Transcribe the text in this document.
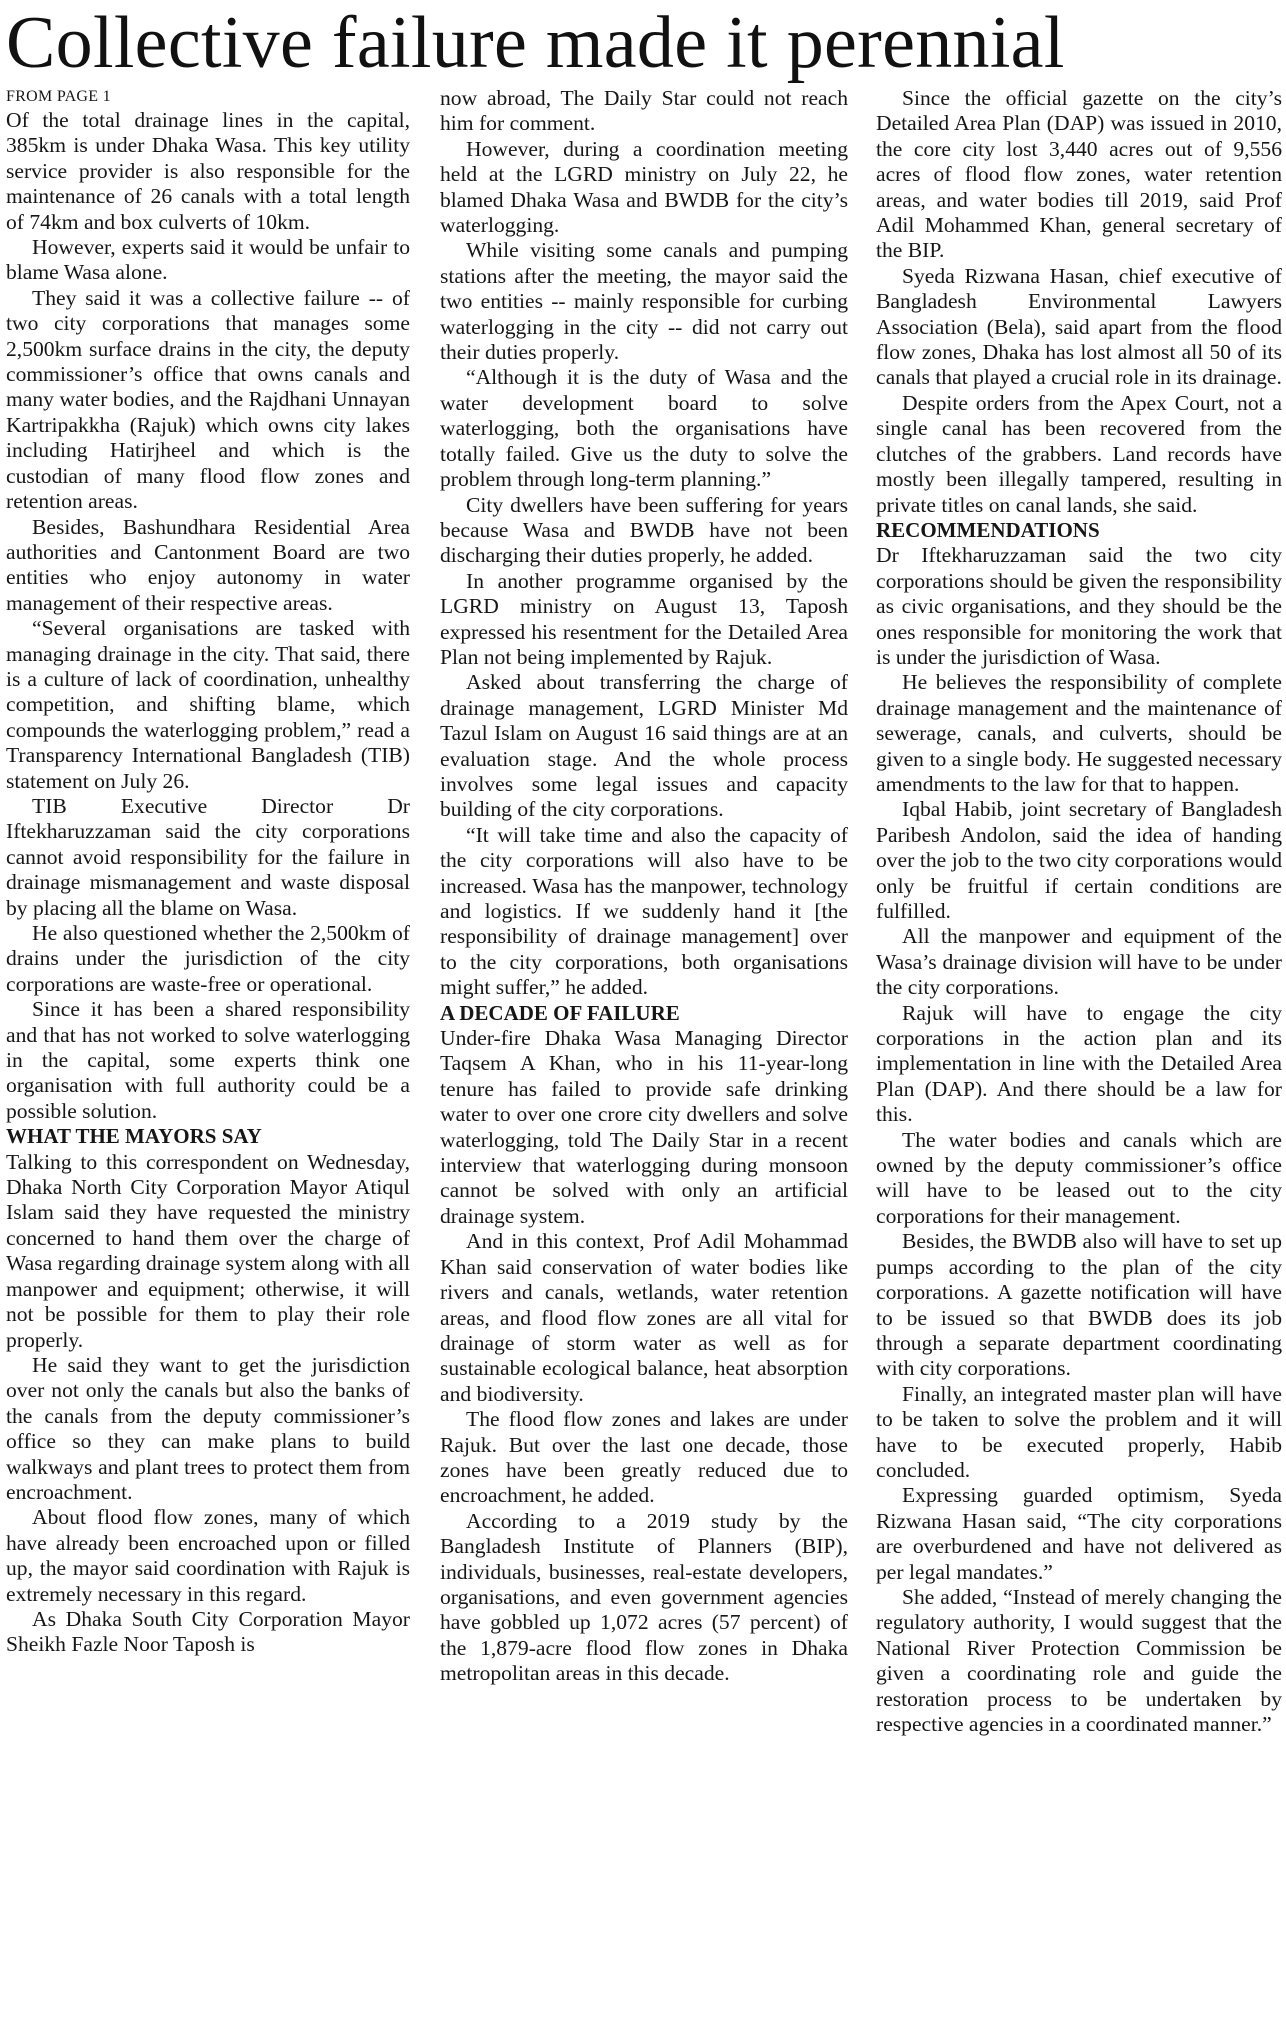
Collective failure made it perennial
FROM PAGE 1

Of the total drainage lines in the capital, 385km is under Dhaka Wasa. This key utility service provider is also responsible for the maintenance of 26 canals with a total length of 74km and box culverts of 10km.

However, experts said it would be unfair to blame Wasa alone.

They said it was a collective failure -- of two city corporations that manages some 2,500km surface drains in the city, the deputy commissioner’s office that owns canals and many water bodies, and the Rajdhani Unnayan Kartripakkha (Rajuk) which owns city lakes including Hatirjheel and which is the custodian of many flood flow zones and retention areas.

Besides, Bashundhara Residential Area authorities and Cantonment Board are two entities who enjoy autonomy in water management of their respective areas.

“Several organisations are tasked with managing drainage in the city. That said, there is a culture of lack of coordination, unhealthy competition, and shifting blame, which compounds the waterlogging problem,” read a Transparency International Bangladesh (TIB) statement on July 26.

TIB Executive Director Dr Iftekharuzzaman said the city corporations cannot avoid responsibility for the failure in drainage mismanagement and waste disposal by placing all the blame on Wasa.

He also questioned whether the 2,500km of drains under the jurisdiction of the city corporations are waste-free or operational.

Since it has been a shared responsibility and that has not worked to solve waterlogging in the capital, some experts think one organisation with full authority could be a possible solution.

WHAT THE MAYORS SAY

Talking to this correspondent on Wednesday, Dhaka North City Corporation Mayor Atiqul Islam said they have requested the ministry concerned to hand them over the charge of Wasa regarding drainage system along with all manpower and equipment; otherwise, it will not be possible for them to play their role properly.

He said they want to get the jurisdiction over not only the canals but also the banks of the canals from the deputy commissioner’s office so they can make plans to build walkways and plant trees to protect them from encroachment.

About flood flow zones, many of which have already been encroached upon or filled up, the mayor said coordination with Rajuk is extremely necessary in this regard.

As Dhaka South City Corporation Mayor Sheikh Fazle Noor Taposh is

now abroad, The Daily Star could not reach him for comment.

However, during a coordination meeting held at the LGRD ministry on July 22, he blamed Dhaka Wasa and BWDB for the city’s waterlogging.

While visiting some canals and pumping stations after the meeting, the mayor said the two entities -- mainly responsible for curbing waterlogging in the city -- did not carry out their duties properly.

“Although it is the duty of Wasa and the water development board to solve waterlogging, both the organisations have totally failed. Give us the duty to solve the problem through long-term planning.”

City dwellers have been suffering for years because Wasa and BWDB have not been discharging their duties properly, he added.

In another programme organised by the LGRD ministry on August 13, Taposh expressed his resentment for the Detailed Area Plan not being implemented by Rajuk.

Asked about transferring the charge of drainage management, LGRD Minister Md Tazul Islam on August 16 said things are at an evaluation stage. And the whole process involves some legal issues and capacity building of the city corporations.

“It will take time and also the capacity of the city corporations will also have to be increased. Wasa has the manpower, technology and logistics. If we suddenly hand it [the responsibility of drainage management] over to the city corporations, both organisations might suffer,” he added.

A DECADE OF FAILURE

Under-fire Dhaka Wasa Managing Director Taqsem A Khan, who in his 11-year-long tenure has failed to provide safe drinking water to over one crore city dwellers and solve waterlogging, told The Daily Star in a recent interview that waterlogging during monsoon cannot be solved with only an artificial drainage system.

And in this context, Prof Adil Mohammad Khan said conservation of water bodies like rivers and canals, wetlands, water retention areas, and flood flow zones are all vital for drainage of storm water as well as for sustainable ecological balance, heat absorption and biodiversity.

The flood flow zones and lakes are under Rajuk. But over the last one decade, those zones have been greatly reduced due to encroachment, he added.

According to a 2019 study by the Bangladesh Institute of Planners (BIP), individuals, businesses, real-estate developers, organisations, and even government agencies have gobbled up 1,072 acres (57 percent) of the 1,879-acre flood flow zones in Dhaka metropolitan areas in this decade.

Since the official gazette on the city’s Detailed Area Plan (DAP) was issued in 2010, the core city lost 3,440 acres out of 9,556 acres of flood flow zones, water retention areas, and water bodies till 2019, said Prof Adil Mohammed Khan, general secretary of the BIP.

Syeda Rizwana Hasan, chief executive of Bangladesh Environmental Lawyers Association (Bela), said apart from the flood flow zones, Dhaka has lost almost all 50 of its canals that played a crucial role in its drainage.

Despite orders from the Apex Court, not a single canal has been recovered from the clutches of the grabbers. Land records have mostly been illegally tampered, resulting in private titles on canal lands, she said.

RECOMMENDATIONS

Dr Iftekharuzzaman said the two city corporations should be given the responsibility as civic organisations, and they should be the ones responsible for monitoring the work that is under the jurisdiction of Wasa.

He believes the responsibility of complete drainage management and the maintenance of sewerage, canals, and culverts, should be given to a single body. He suggested necessary amendments to the law for that to happen.

Iqbal Habib, joint secretary of Bangladesh Paribesh Andolon, said the idea of handing over the job to the two city corporations would only be fruitful if certain conditions are fulfilled.

All the manpower and equipment of the Wasa’s drainage division will have to be under the city corporations.

Rajuk will have to engage the city corporations in the action plan and its implementation in line with the Detailed Area Plan (DAP). And there should be a law for this.

The water bodies and canals which are owned by the deputy commissioner’s office will have to be leased out to the city corporations for their management.

Besides, the BWDB also will have to set up pumps according to the plan of the city corporations. A gazette notification will have to be issued so that BWDB does its job through a separate department coordinating with city corporations.

Finally, an integrated master plan will have to be taken to solve the problem and it will have to be executed properly, Habib concluded.

Expressing guarded optimism, Syeda Rizwana Hasan said, “The city corporations are overburdened and have not delivered as per legal mandates.”

She added, “Instead of merely changing the regulatory authority, I would suggest that the National River Protection Commission be given a coordinating role and guide the restoration process to be undertaken by respective agencies in a coordinated manner.”
